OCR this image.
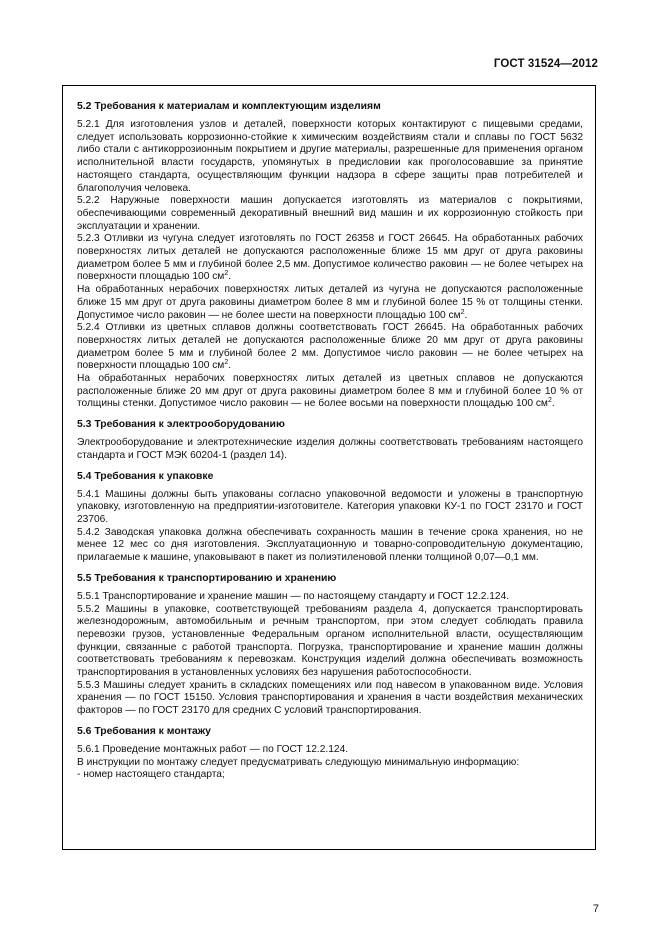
ГОСТ 31524—2012
5.2 Требования к материалам и комплектующим изделиям

5.2.1 Для изготовления узлов и деталей, поверхности которых контактируют с пищевыми средами, следует использовать коррозионно-стойкие к химическим воздействиям стали и сплавы по ГОСТ 5632 либо стали с антикоррозионным покрытием и другие материалы, разрешенные для применения органом исполнительной власти государств, упомянутых в предисловии как проголосовавшие за принятие настоящего стандарта, осуществляющим функции надзора в сфере защиты прав потребителей и благополучия человека.

5.2.2 Наружные поверхности машин допускается изготовлять из материалов с покрытиями, обеспечивающими современный декоративный внешний вид машин и их коррозионную стойкость при эксплуатации и хранении.

5.2.3 Отливки из чугуна следует изготовлять по ГОСТ 26358 и ГОСТ 26645. На обработанных рабочих поверхностях литых деталей не допускаются расположенные ближе 15 мм друг от друга раковины диаметром более 5 мм и глубиной более 2,5 мм. Допустимое количество раковин — не более четырех на поверхности площадью 100 $см^2$.

На обработанных нерабочих поверхностях литых деталей из чугуна не допускаются расположенные ближе 15 мм друг от друга раковины диаметром более 8 мм и глубиной более 15 % от толщины стенки. Допустимое число раковин — не более шести на поверхности площадью 100 $см^2$.

5.2.4 Отливки из цветных сплавов должны соответствовать ГОСТ 26645. На обработанных рабочих поверхностях литых деталей не допускаются расположенные ближе 20 мм друг от друга раковины диаметром более 5 мм и глубиной более 2 мм. Допустимое число раковин — не более четырех на поверхности площадью 100 $см^2$.

На обработанных нерабочих поверхностях литых деталей из цветных сплавов не допускаются расположенные ближе 20 мм друг от друга раковины диаметром более 8 мм и глубиной более 10 % от толщины стенки. Допустимое число раковин — не более восьми на поверхности площадью 100 $см^2$.

5.3 Требования к электрооборудованию

Электрооборудование и электротехнические изделия должны соответствовать требованиям настоящего стандарта и ГОСТ МЭК 60204-1 (раздел 14).

5.4 Требования к упаковке

5.4.1 Машины должны быть упакованы согласно упаковочной ведомости и уложены в транспортную упаковку, изготовленную на предприятии-изготовителе. Категория упаковки КУ-1 по ГОСТ 23170 и ГОСТ 23706.

5.4.2 Заводская упаковка должна обеспечивать сохранность машин в течение срока хранения, но не менее 12 мес со дня изготовления. Эксплуатационную и товарно-сопроводительную документацию, прилагаемые к машине, упаковывают в пакет из полиэтиленовой пленки толщиной 0,07—0,1 мм.

5.5 Требования к транспортированию и хранению

5.5.1 Транспортирование и хранение машин — по настоящему стандарту и ГОСТ 12.2.124.

5.5.2 Машины в упаковке, соответствующей требованиям раздела 4, допускается транспортировать железнодорожным, автомобильным и речным транспортом, при этом следует соблюдать правила перевозки грузов, установленные Федеральным органом исполнительной власти, осуществляющим функции, связанные с работой транспорта. Погрузка, транспортирование и хранение машин должны соответствовать требованиям к перевозкам. Конструкция изделий должна обеспечивать возможность транспортирования в установленных условиях без нарушения работоспособности.

5.5.3 Машины следует хранить в складских помещениях или под навесом в упакованном виде. Условия хранения — по ГОСТ 15150. Условия транспортирования и хранения в части воздействия механических факторов — по ГОСТ 23170 для средних С условий транспортирования.

5.6 Требования к монтажу

5.6.1 Проведение монтажных работ — по ГОСТ 12.2.124.

В инструкции по монтажу следует предусматривать следующую минимальную информацию:

- номер настоящего стандарта;

7
